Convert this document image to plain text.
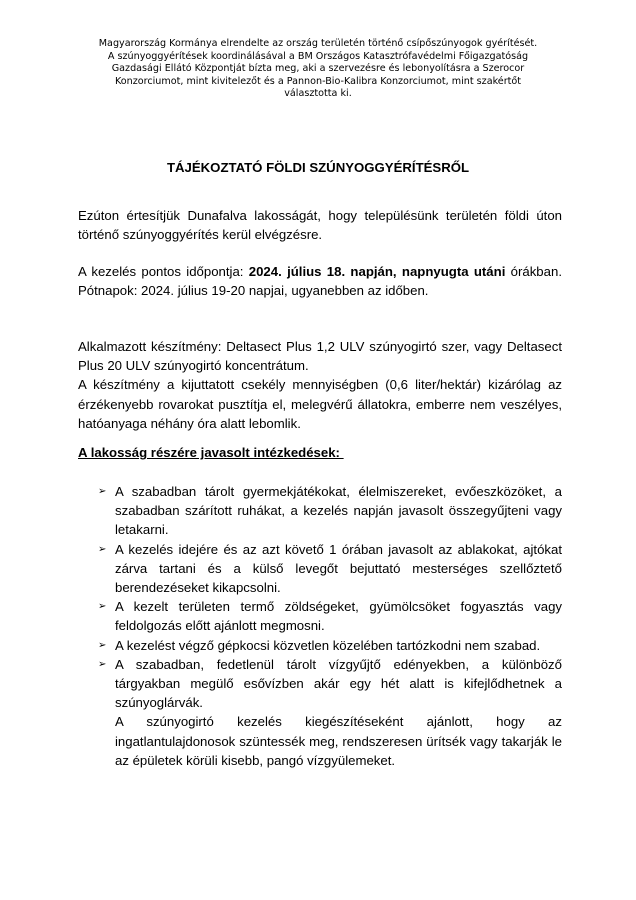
Magyarország Kormánya elrendelte az ország területén történő csípőszúnyogok gyérítését.
A szúnyoggyérítések koordinálásával a BM Országos Katasztrófavédelmi Főigazgatóság
Gazdasági Ellátó Központját bízta meg, aki a szervezésre és lebonyolításra a Szerocor
Konzorciumot, mint kivitelezőt és a Pannon-Bio-Kalibra Konzorciumot, mint szakértőt
választotta ki.
TÁJÉKOZTATÓ FÖLDI SZÚNYOGGYÉRÍTÉSRŐL

Ezúton értesítjük Dunafalva lakosságát, hogy településünk területén földi úton történő szúnyoggyérítés kerül elvégzésre.

A kezelés pontos időpontja: 2024. július 18. napján, napnyugta utáni órákban. Pótnapok: 2024. július 19-20 napjai, ugyanebben az időben.

Alkalmazott készítmény: Deltasect Plus 1,2 ULV szúnyogirtó szer, vagy Deltasect Plus 20 ULV szúnyogirtó koncentrátum.

A készítmény a kijuttatott csekély mennyiségben (0,6 liter/hektár) kizárólag az érzékenyebb rovarokat pusztítja el, melegvérű állatokra, emberre nem veszélyes, hatóanyaga néhány óra alatt lebomlik.

A lakosság részére javasolt intézkedések:
➢ A szabadban tárolt gyermekjátékokat, élelmiszereket, evőeszközöket, a szabadban szárított ruhákat, a kezelés napján javasolt összegyűjteni vagy letakarni.
➢ A kezelés idejére és az azt követő 1 órában javasolt az ablakokat, ajtókat zárva tartani és a külső levegőt bejuttató mesterséges szellőztető berendezéseket kikapcsolni.
➢ A kezelt területen termő zöldségeket, gyümölcsöket fogyasztás vagy feldolgozás előtt ajánlott megmosni.
➢ A kezelést végző gépkocsi közvetlen közelében tartózkodni nem szabad.
➢ A szabadban, fedetlenül tárolt vízgyűjtő edényekben, a különböző tárgyakban megülő esővízben akár egy hét alatt is kifejlődhetnek a szúnyoglárvák.
A szúnyogirtó kezelés kiegészítéseként ajánlott, hogy az ingatlantulajdonosok szüntessék meg, rendszeresen ürítsék vagy takarják le az épületek körüli kisebb, pangó vízgyülemeket.
